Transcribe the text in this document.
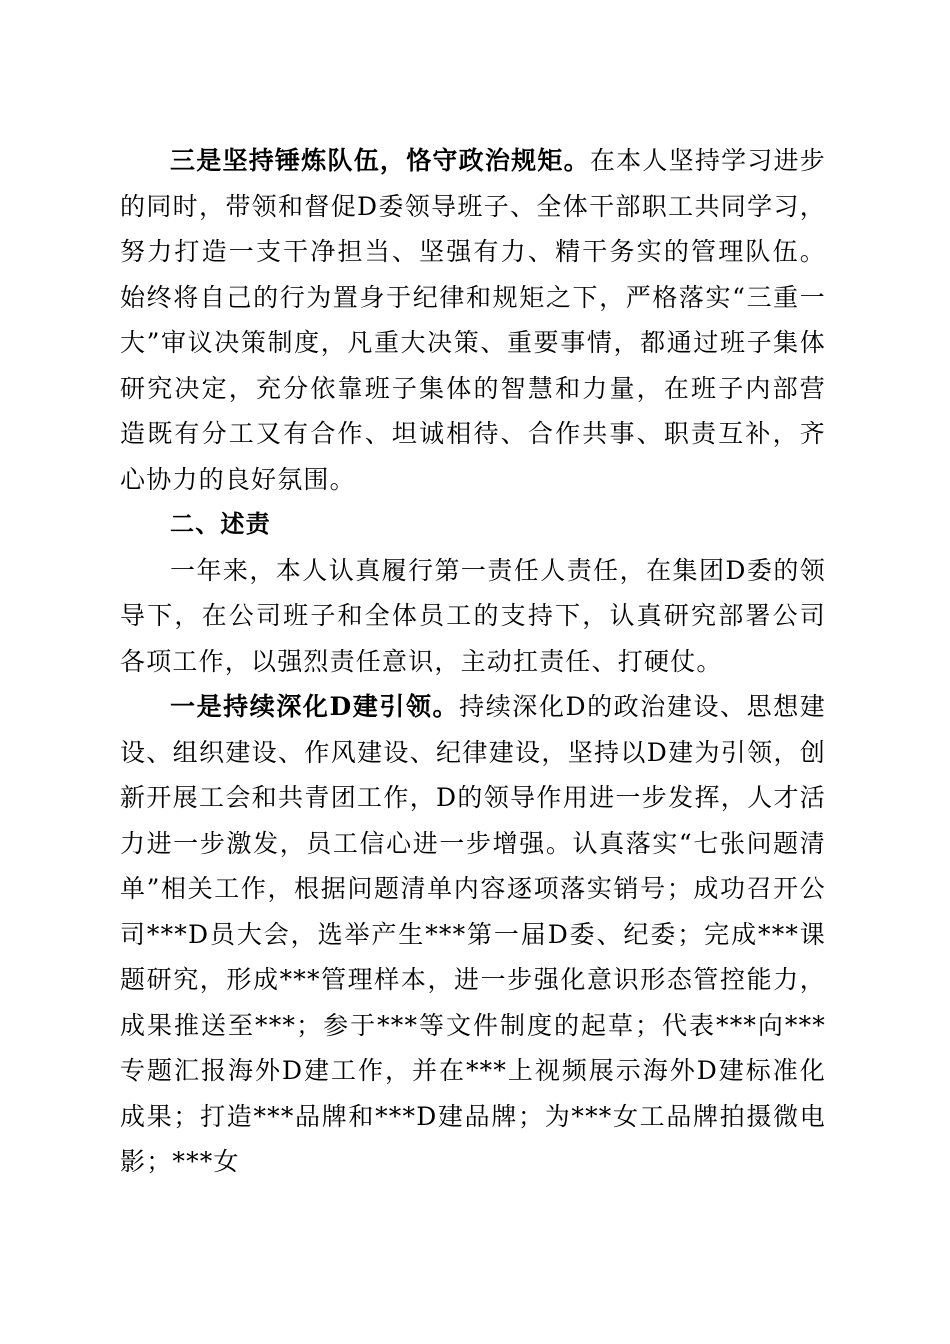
三是坚持锤炼队伍，恪守政治规矩。在本人坚持学习进步的同时，带领和督促D委领导班子、全体干部职工共同学习，努力打造一支干净担当、坚强有力、精干务实的管理队伍。始终将自己的行为置身于纪律和规矩之下，严格落实“三重一大”审议决策制度，凡重大决策、重要事情，都通过班子集体研究决定，充分依靠班子集体的智慧和力量，在班子内部营造既有分工又有合作、坦诚相待、合作共事、职责互补，齐心协力的良好氛围。

二、述责

一年来，本人认真履行第一责任人责任，在集团D委的领导下，在公司班子和全体员工的支持下，认真研究部署公司各项工作，以强烈责任意识，主动扛责任、打硬仗。

一是持续深化D建引领。持续深化D的政治建设、思想建设、组织建设、作风建设、纪律建设，坚持以D建为引领，创新开展工会和共青团工作，D的领导作用进一步发挥，人才活力进一步激发，员工信心进一步增强。认真落实“七张问题清单”相关工作，根据问题清单内容逐项落实销号；成功召开公司***D员大会，选举产生***第一届D委、纪委；完成***课题研究，形成***管理样本，进一步强化意识形态管控能力，成果推送至***；参于***等文件制度的起草；代表***向***专题汇报海外D建工作，并在***上视频展示海外D建标准化成果；打造***品牌和***D建品牌；为***女工品牌拍摄微电影；***女
